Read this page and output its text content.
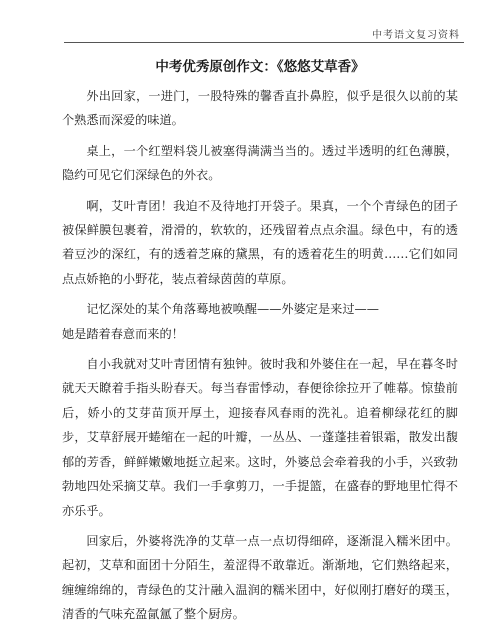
中考语文复习资料
中考优秀原创作文：《悠悠艾草香》

外出回家，一进门，一股特殊的馨香直扑鼻腔，似乎是很久以前的某个熟悉而深爱的味道。

桌上，一个红塑料袋儿被塞得满满当当的。透过半透明的红色薄膜，隐约可见它们深绿色的外衣。

啊，艾叶青团！我迫不及待地打开袋子。果真，一个个青绿色的团子被保鲜膜包裹着，滑滑的，软软的，还残留着点点余温。绿色中，有的透着豆沙的深红，有的透着芝麻的黛黑，有的透着花生的明黄……它们如同点点娇艳的小野花，装点着绿茵茵的草原。

记忆深处的某个角落蓦地被唤醒——外婆定是来过——

她是踏着春意而来的！

自小我就对艾叶青团情有独钟。彼时我和外婆住在一起，早在暮冬时就天天瞭着手指头盼春天。每当春雷悸动，春便徐徐拉开了帷幕。惊蛰前后，娇小的艾芽苗顶开厚土，迎接春风春雨的洗礼。追着柳绿花红的脚步，艾草舒展开蜷缩在一起的叶瓣，一丛丛、一蓬蓬挂着银霜，散发出馥郁的芳香，鲜鲜嫩嫩地挺立起来。这时，外婆总会牵着我的小手，兴致勃勃地四处采摘艾草。我们一手拿剪刀，一手提篮，在盛春的野地里忙得不亦乐乎。

回家后，外婆将洗净的艾草一点一点切得细碎，逐渐混入糯米团中。起初，艾草和面团十分陌生，羞涩得不敢靠近。渐渐地，它们熟络起来，缠缠绵绵的，青绿色的艾汁融入温润的糯米团中，好似刚打磨好的璞玉，清香的气味充盈氤氲了整个厨房。
